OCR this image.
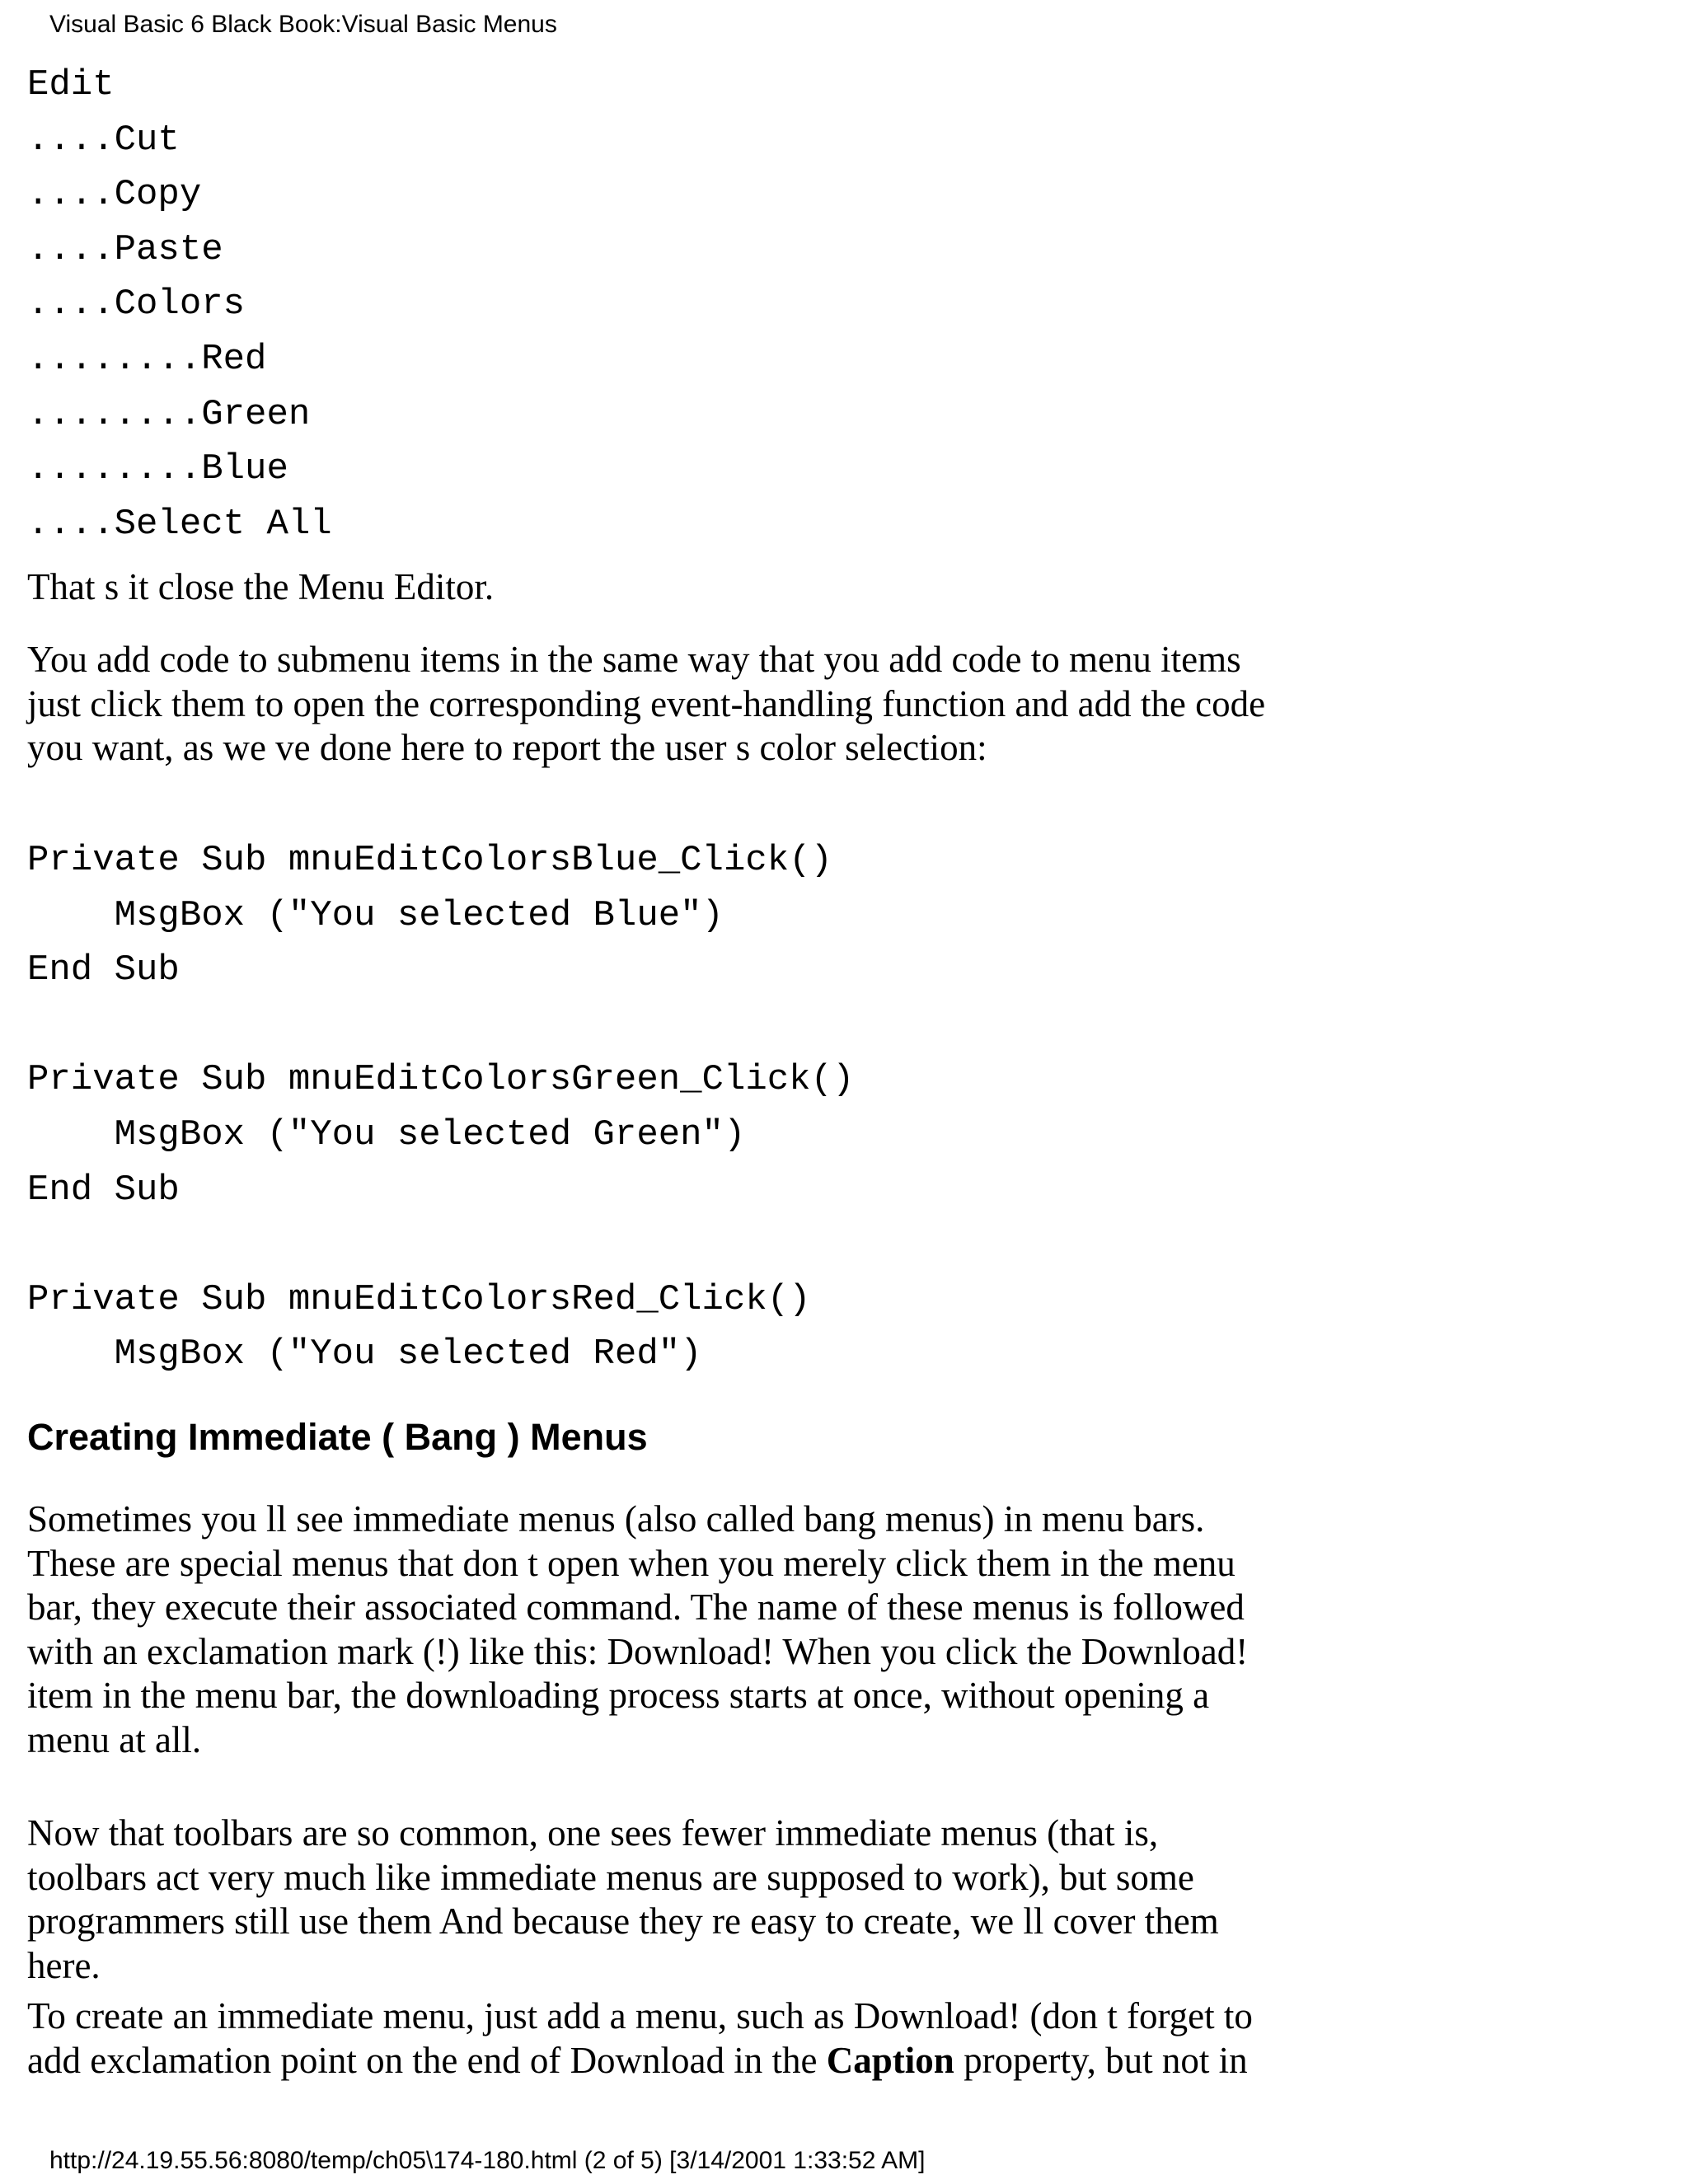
Visual Basic 6 Black Book:Visual Basic Menus
Edit
....Cut
....Copy
....Paste
....Colors
........Red
........Green
........Blue
....Select All

That s it close the Menu Editor.

You add code to submenu items in the same way that you add code to menu items
just click them to open the corresponding event-handling function and add the code
you want, as we ve done here to report the user s color selection:

Private Sub mnuEditColorsBlue_Click()
MsgBox ("You selected Blue")
End Sub

Private Sub mnuEditColorsGreen_Click()
MsgBox ("You selected Green")
End Sub

Private Sub mnuEditColorsRed_Click()
MsgBox ("You selected Red")
Creating Immediate ( Bang ) Menus

Sometimes you ll see immediate menus (also called bang menus) in menu bars.
These are special menus that don t open when you merely click them in the menu
bar, they execute their associated command. The name of these menus is followed
with an exclamation mark (!) like this: Download! When you click the Download!
item in the menu bar, the downloading process starts at once, without opening a
menu at all.

Now that toolbars are so common, one sees fewer immediate menus (that is,
toolbars act very much like immediate menus are supposed to work), but some
programmers still use them And because they re easy to create, we ll cover them
here.

To create an immediate menu, just add a menu, such as Download! (don t forget to
add exclamation point on the end of Download in the Caption property, but not in

http://24.19.55.56:8080/temp/ch05\174-180.html (2 of 5) [3/14/2001 1:33:52 AM]
